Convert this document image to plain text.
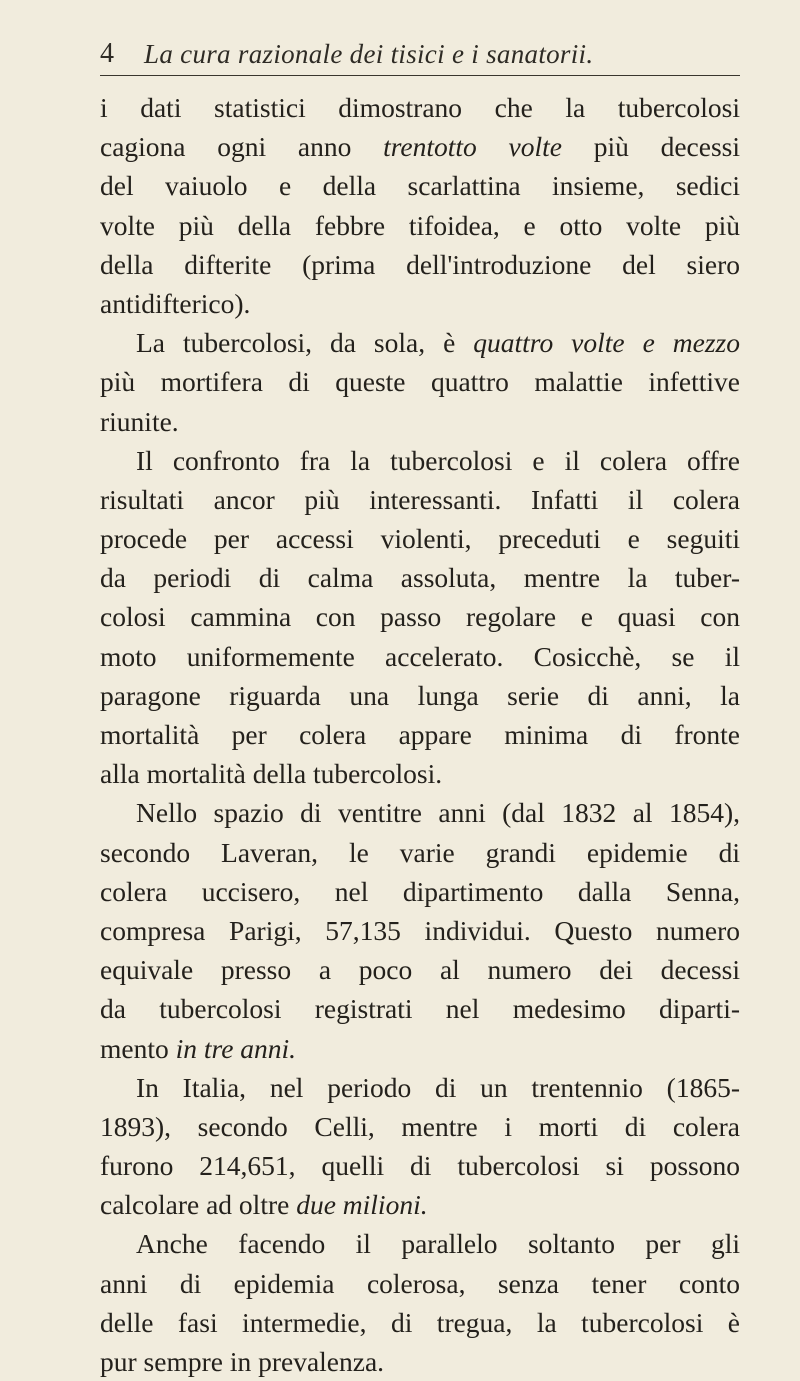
4 La cura razionale dei tisici e i sanatorii.
i dati statistici dimostrano che la tubercolosi
cagiona ogni anno trentotto volte più decessi
del vaiuolo e della scarlattina insieme, sedici
volte più della febbre tifoidea, e otto volte più
della difterite (prima dell'introduzione del siero
antidifterico).
La tubercolosi, da sola, è quattro volte e mezzo
più mortifera di queste quattro malattie infettive
riunite.
Il confronto fra la tubercolosi e il colera offre
risultati ancor più interessanti. Infatti il colera
procede per accessi violenti, preceduti e seguiti
da periodi di calma assoluta, mentre la tuber-
colosi cammina con passo regolare e quasi con
moto uniformemente accelerato. Cosicchè, se il
paragone riguarda una lunga serie di anni, la
mortalità per colera appare minima di fronte
alla mortalità della tubercolosi.
Nello spazio di ventitre anni (dal 1832 al 1854),
secondo Laveran, le varie grandi epidemie di
colera uccisero, nel dipartimento dalla Senna,
compresa Parigi, 57,135 individui. Questo numero
equivale presso a poco al numero dei decessi
da tubercolosi registrati nel medesimo diparti-
mento in tre anni.
In Italia, nel periodo di un trentennio (1865-
1893), secondo Celli, mentre i morti di colera
furono 214,651, quelli di tubercolosi si possono
calcolare ad oltre due milioni.
Anche facendo il parallelo soltanto per gli
anni di epidemia colerosa, senza tener conto
delle fasi intermedie, di tregua, la tubercolosi è
pur sempre in prevalenza.
